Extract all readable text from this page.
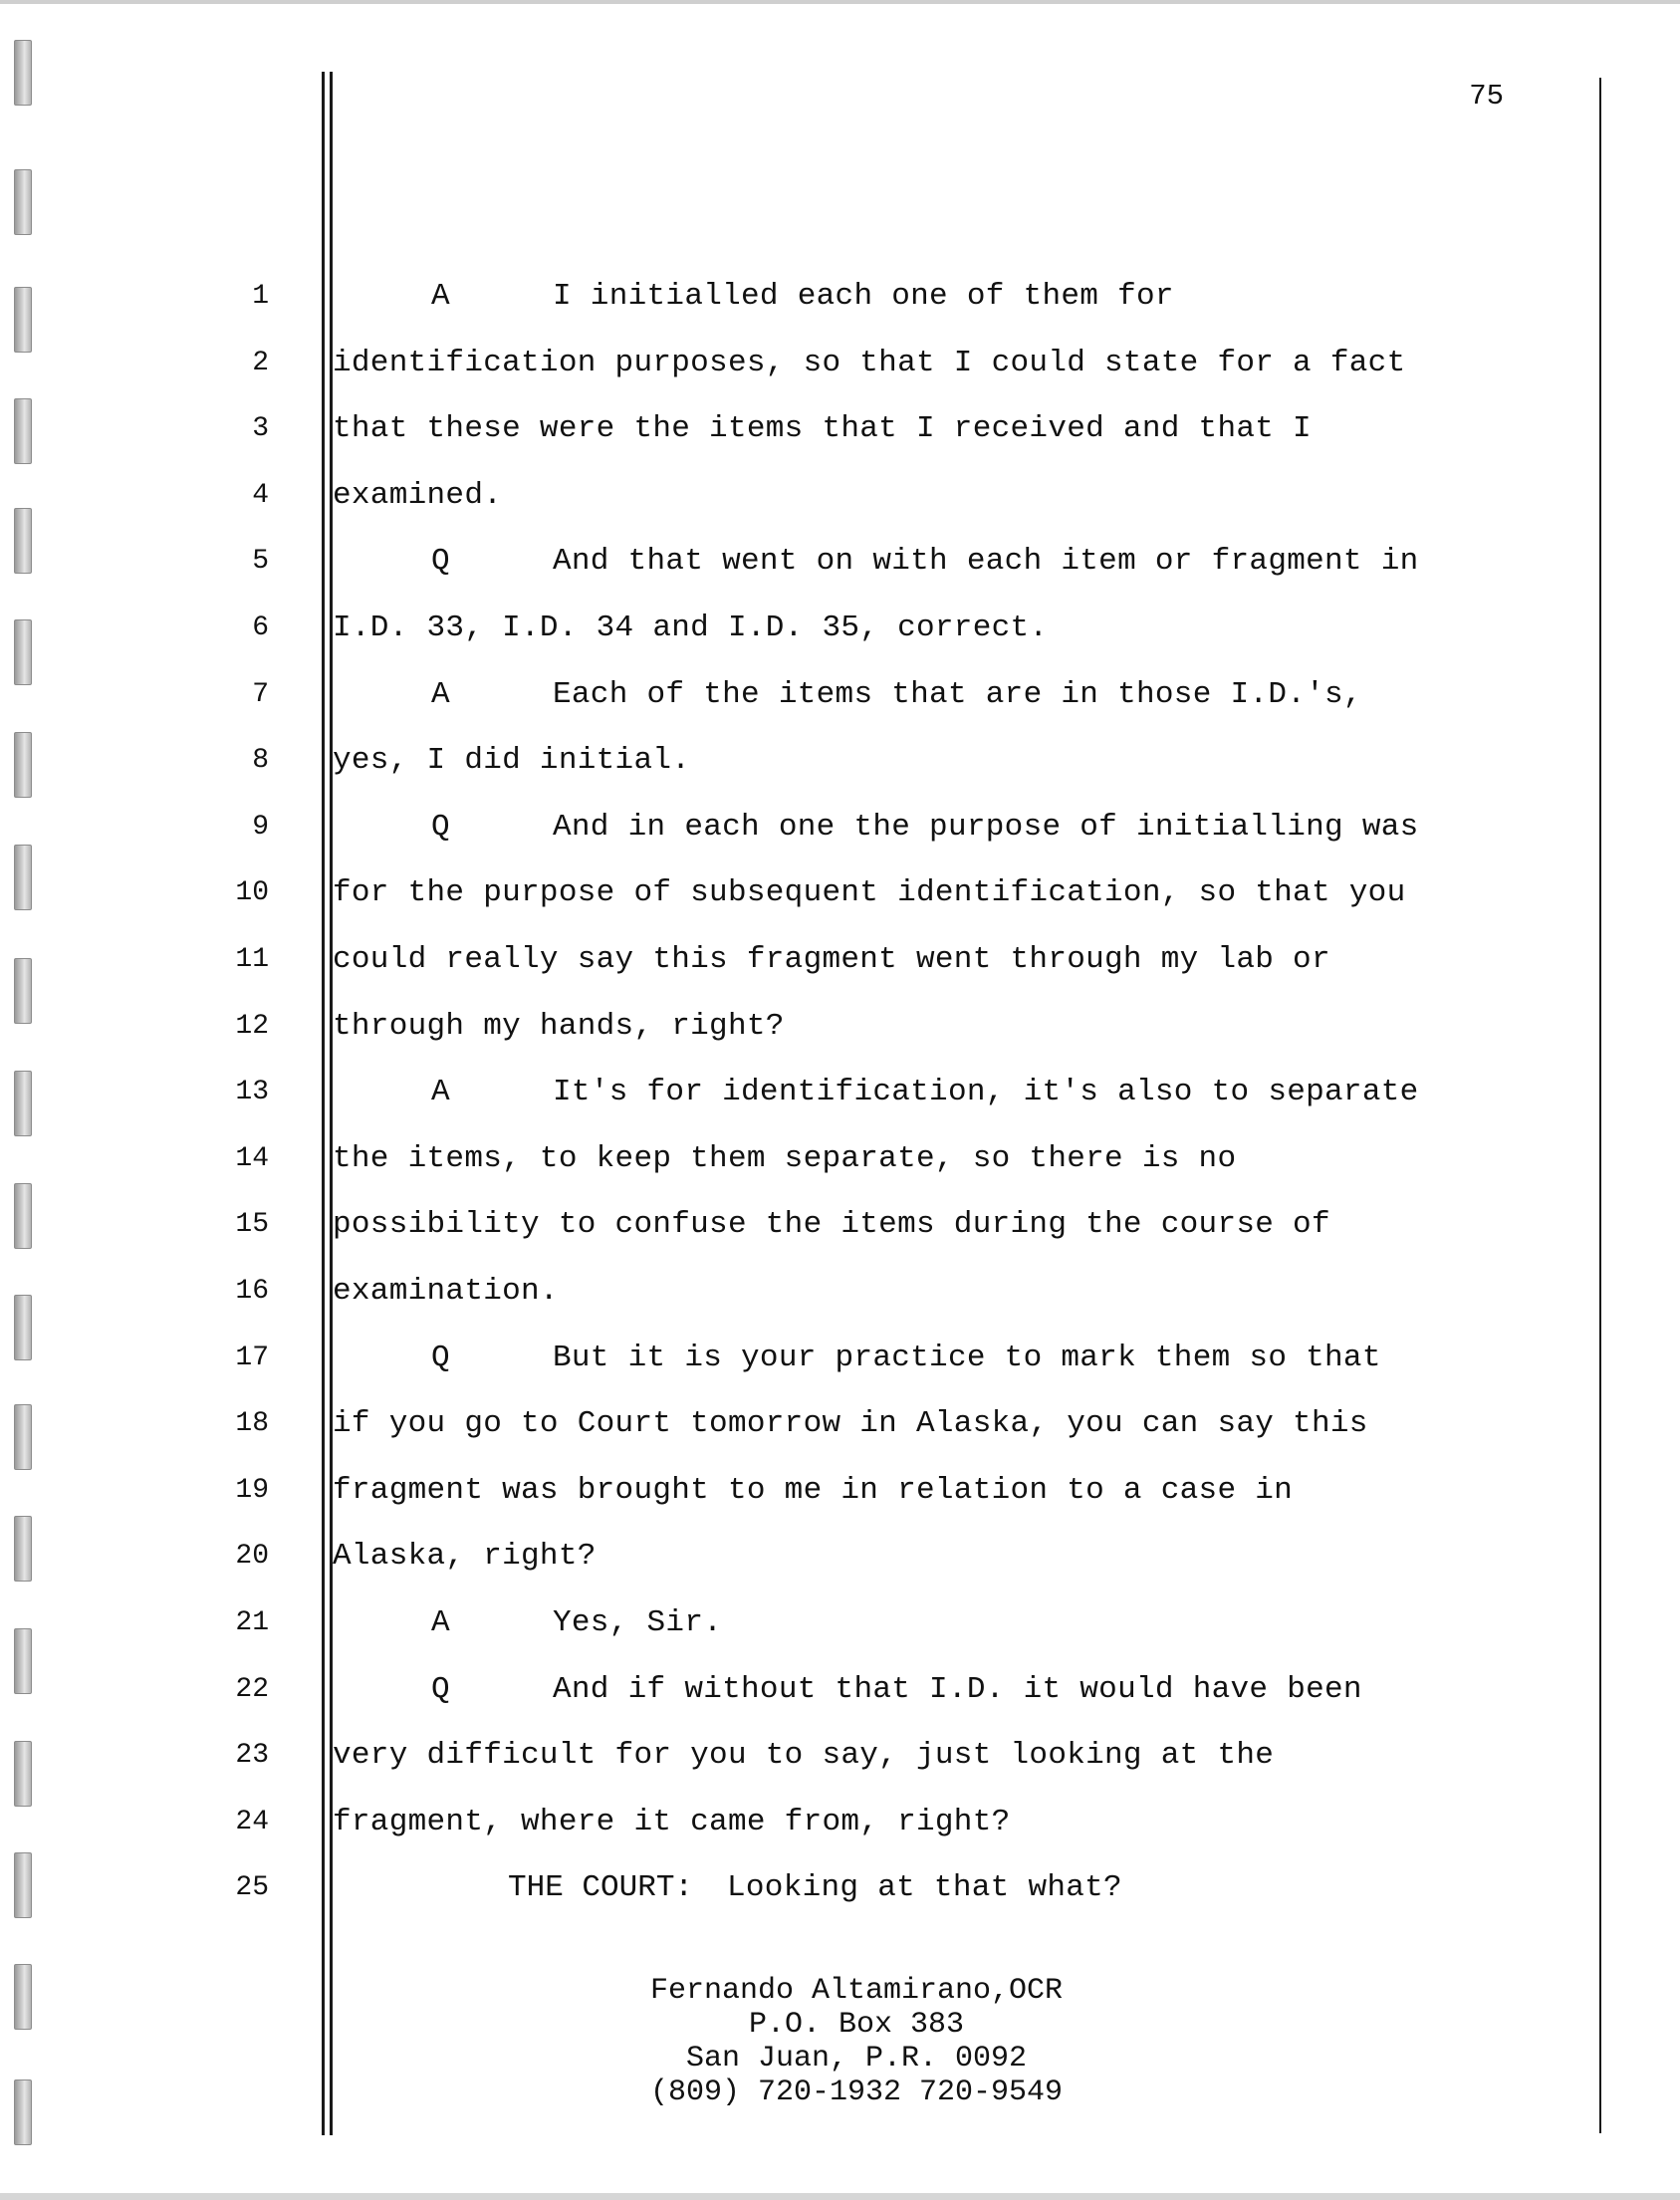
75
1	A	I initialled each one of them for
2 identification purposes, so that I could state for a fact
3 that these were the items that I received and that I
4 examined.
5	Q	And that went on with each item or fragment in
6 I.D. 33, I.D. 34 and I.D. 35, correct.
7	A	Each of the items that are in those I.D.'s,
8 yes, I did initial.
9	Q	And in each one the purpose of initialling was
10 for the purpose of subsequent identification, so that you
11 could really say this fragment went through my lab or
12 through my hands, right?
13	A	It's for identification, it's also to separate
14 the items, to keep them separate, so there is no
15 possibility to confuse the items during the course of
16 examination.
17	Q	But it is your practice to mark them so that
18 if you go to Court tomorrow in Alaska, you can say this
19 fragment was brought to me in relation to a case in
20 Alaska, right?
21	A	Yes, Sir.
22	Q	And if without that I.D. it would have been
23 very difficult for you to say, just looking at the
24 fragment, where it came from, right?
25	THE COURT: Looking at that what?
Fernando Altamirano,OCR
P.O. Box 383
San Juan, P.R. 0092
(809) 720-1932 720-9549
